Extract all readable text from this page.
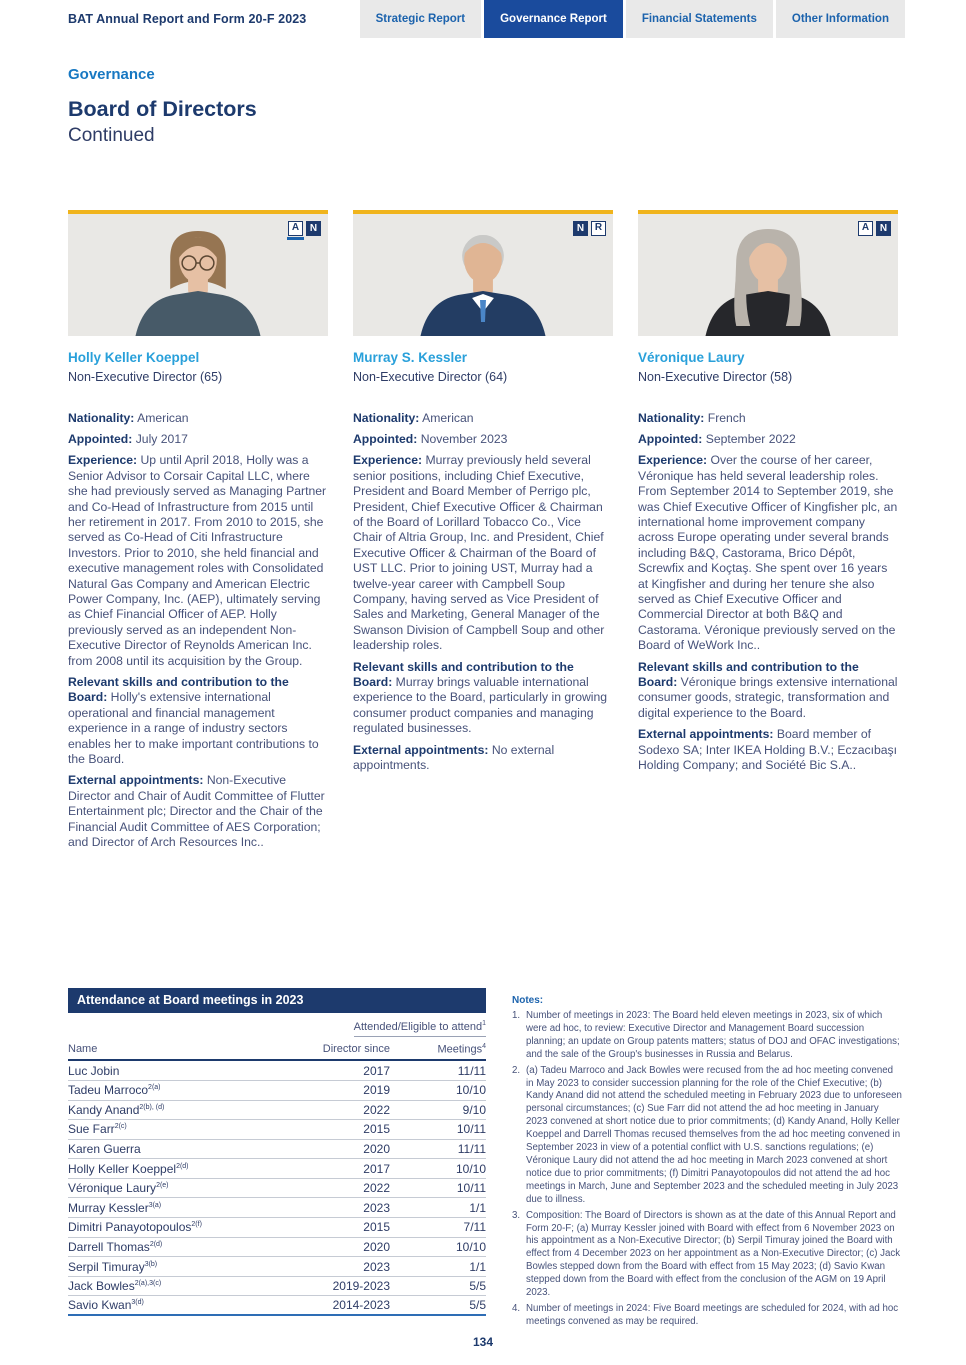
BAT Annual Report and Form 20-F 2023	Strategic Report	Governance Report	Financial Statements	Other Information
Governance
Board of Directors
Continued
A	N
Holly Keller Koeppel
Non-Executive Director (65)

Nationality: American

Appointed: July 2017

Experience: Up until April 2018, Holly was a Senior Advisor to Corsair Capital LLC, where she had previously served as Managing Partner and Co-Head of Infrastructure from 2015 until her retirement in 2017. From 2010 to 2015, she served as Co-Head of Citi Infrastructure Investors. Prior to 2010, she held financial and executive management roles with Consolidated Natural Gas Company and American Electric Power Company, Inc. (AEP), ultimately serving as Chief Financial Officer of AEP. Holly previously served as an independent Non-Executive Director of Reynolds American Inc. from 2008 until its acquisition by the Group.

Relevant skills and contribution to the Board: Holly's extensive international operational and financial management experience in a range of industry sectors enables her to make important contributions to the Board.

External appointments: Non-Executive Director and Chair of Audit Committee of Flutter Entertainment plc; Director and the Chair of the Financial Audit Committee of AES Corporation; and Director of Arch Resources Inc..

N	R
Murray S. Kessler
Non-Executive Director (64)

Nationality: American

Appointed: November 2023

Experience: Murray previously held several senior positions, including Chief Executive, President and Board Member of Perrigo plc, President, Chief Executive Officer & Chairman of the Board of Lorillard Tobacco Co., Vice Chair of Altria Group, Inc. and President, Chief Executive Officer & Chairman of the Board of UST LLC. Prior to joining UST, Murray had a twelve-year career with Campbell Soup Company, having served as Vice President of Sales and Marketing, General Manager of the Swanson Division of Campbell Soup and other leadership roles.

Relevant skills and contribution to the Board: Murray brings valuable international experience to the Board, particularly in growing consumer product companies and managing regulated businesses.

External appointments: No external appointments.

A	N
Véronique Laury
Non-Executive Director (58)

Nationality: French

Appointed: September 2022

Experience: Over the course of her career, Véronique has held several leadership roles. From September 2014 to September 2019, she was Chief Executive Officer of Kingfisher plc, an international home improvement company across Europe operating under several brands including B&Q, Castorama, Brico Dépôt, Screwfix and Koçtaş. She spent over 16 years at Kingfisher and during her tenure she also served as Chief Executive Officer and Commercial Director at both B&Q and Castorama. Véronique previously served on the Board of WeWork Inc..

Relevant skills and contribution to the Board: Véronique brings extensive international consumer goods, strategic, transformation and digital experience to the Board.

External appointments: Board member of Sodexo SA; Inter IKEA Holding B.V.; Eczacıbaşı Holding Company; and Société Bic S.A..

Attendance at Board meetings in 2023
Attended/Eligible to attend$^1$
Name	Director since	Meetings$^4$
Luc Jobin	2017	11/11
Tadeu Marroco$^{2(a)}$	2019	10/10
Kandy Anand$^{2(b), (d)}$	2022	9/10
Sue Farr$^{2(c)}$	2015	10/11
Karen Guerra	2020	11/11
Holly Keller Koeppel$^{2(d)}$	2017	10/10
Véronique Laury$^{2(e)}$	2022	10/11
Murray Kessler$^{3(a)}$	2023	1/1
Dimitri Panayotopoulos$^{2(f)}$	2015	7/11
Darrell Thomas$^{2(d)}$	2020	10/10
Serpil Timuray$^{3(b)}$	2023	1/1
Jack Bowles$^{2(a),3(c)}$	2019-2023	5/5
Savio Kwan$^{3(d)}$	2014-2023	5/5
Notes:
1. Number of meetings in 2023: The Board held eleven meetings in 2023, six of which were ad hoc, to review: Executive Director and Management Board succession planning; an update on Group patents matters; status of DOJ and OFAC investigations; and the sale of the Group's businesses in Russia and Belarus.
2. (a) Tadeu Marroco and Jack Bowles were recused from the ad hoc meeting convened in May 2023 to consider succession planning for the role of the Chief Executive; (b) Kandy Anand did not attend the scheduled meeting in February 2023 due to unforeseen personal circumstances; (c) Sue Farr did not attend the ad hoc meeting in January 2023 convened at short notice due to prior commitments; (d) Kandy Anand, Holly Keller Koeppel and Darrell Thomas recused themselves from the ad hoc meeting convened in September 2023 in view of a potential conflict with U.S. sanctions regulations; (e) Véronique Laury did not attend the ad hoc meeting in March 2023 convened at short notice due to prior commitments; (f) Dimitri Panayotopoulos did not attend the ad hoc meetings in March, June and September 2023 and the scheduled meeting in July 2023 due to illness.
3. Composition: The Board of Directors is shown as at the date of this Annual Report and Form 20-F; (a) Murray Kessler joined with Board with effect from 6 November 2023 on his appointment as a Non-Executive Director; (b) Serpil Timuray joined the Board with effect from 4 December 2023 on her appointment as a Non-Executive Director; (c) Jack Bowles stepped down from the Board with effect from 15 May 2023; (d) Savio Kwan stepped down from the Board with effect from the conclusion of the AGM on 19 April 2023.
4. Number of meetings in 2024: Five Board meetings are scheduled for 2024, with ad hoc meetings convened as may be required.
134
